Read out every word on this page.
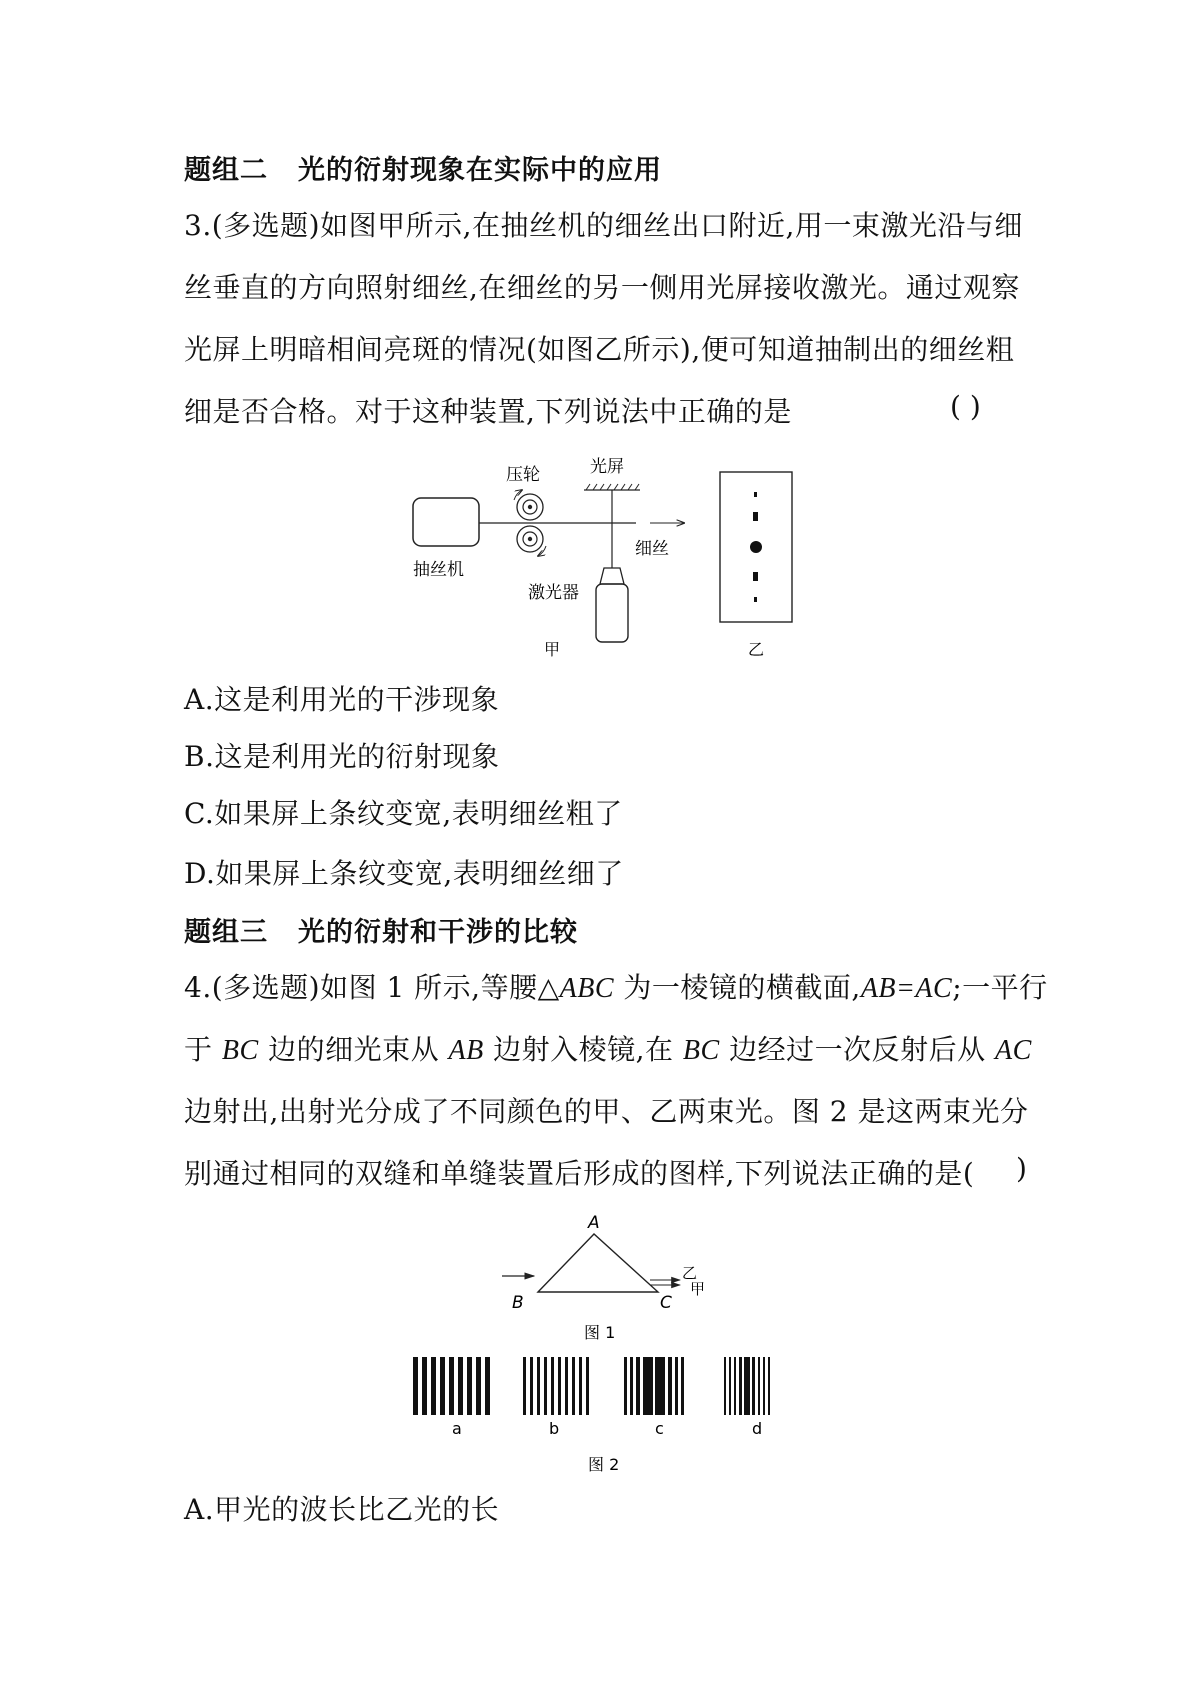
题组二 光的衍射现象在实际中的应用
3.(多选题)如图甲所示,在抽丝机的细丝出口附近,用一束激光沿与细
丝垂直的方向照射细丝,在细丝的另一侧用光屏接收激光。通过观察
光屏上明暗相间亮斑的情况(如图乙所示),便可知道抽制出的细丝粗
细是否合格。对于这种装置,下列说法中正确的是	( )
抽丝机
压轮
细丝
光屏
激光器
甲	乙
A.这是利用光的干涉现象
B.这是利用光的衍射现象
C.如果屏上条纹变宽,表明细丝粗了
D.如果屏上条纹变宽,表明细丝细了
题组三 光的衍射和干涉的比较
4.(多选题)如图 1 所示,等腰△ABC 为一棱镜的横截面,AB=AC;一平行
于 BC 边的细光束从 AB 边射入棱镜,在 BC 边经过一次反射后从 AC
边射出,出射光分成了不同颜色的甲、乙两束光。图 2 是这两束光分
别通过相同的双缝和单缝装置后形成的图样,下列说法正确的是( )
A
B	C
乙
甲
图 1
a	b	c	d
图 2
A.甲光的波长比乙光的长
